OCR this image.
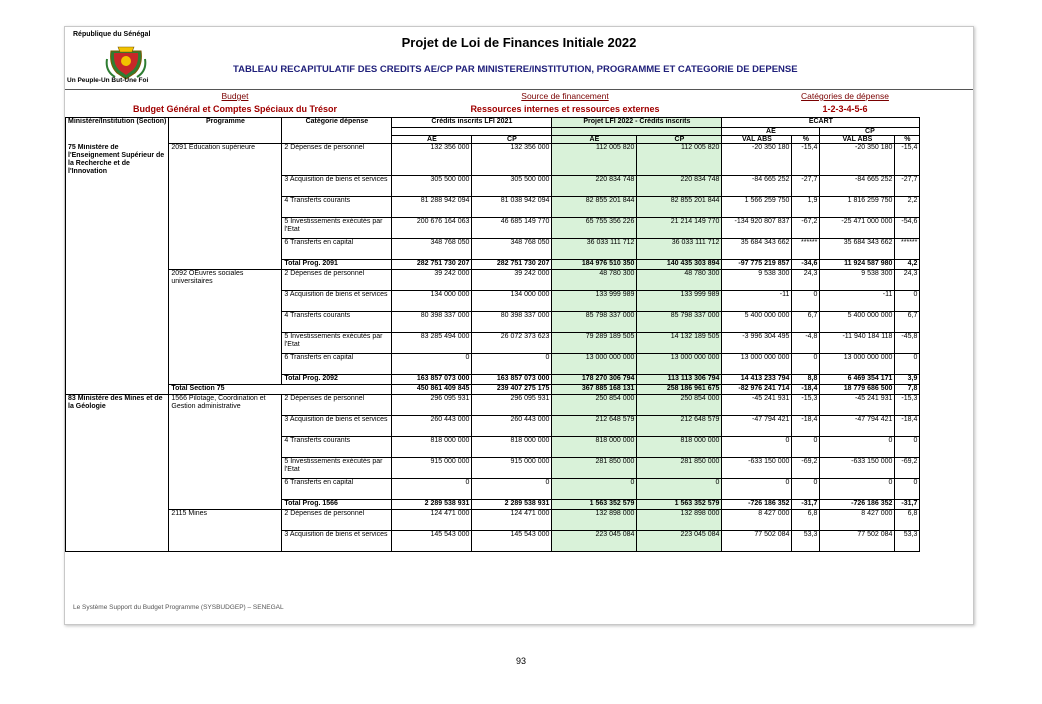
République du Sénégal
Un Peuple-Un But-Une Foi
Projet de Loi de Finances Initiale 2022
TABLEAU RECAPITULATIF DES CREDITS AE/CP PAR MINISTERE/INSTITUTION, PROGRAMME ET CATEGORIE DE DEPENSE
Budget
Budget Général et Comptes Spéciaux du Trésor
Source de financement
Ressources internes et ressources externes
Catégories de dépense
1-2-3-4-5-6
Ministère/Institution (Section)	Programme	Catégorie dépense	Crédits inscrits LFI 2021		Projet LFI 2022 - Crédits inscrits		ECART			
							AE		CP	
			AE	CP	AE	CP	VAL ABS	%	VAL ABS	%
75 Ministère de l'Enseignement Supérieur de la Recherche et de l'Innovation	2091 Education supérieure	2 Dépenses de personnel	132 356 000	132 356 000	112 005 820	112 005 820	-20 350 180	-15,4	-20 350 180	-15,4
		3 Acquisition de biens et services	305 500 000	305 500 000	220 834 748	220 834 748	-84 665 252	-27,7	-84 665 252	-27,7
		4 Transferts courants	81 288 942 094	81 038 942 094	82 855 201 844	82 855 201 844	1 566 259 750	1,9	1 816 259 750	2,2
		5 Investissements exécutés par l'Etat	200 676 164 063	46 685 149 770	65 755 356 226	21 214 149 770	-134 920 807 837	-67,2	-25 471 000 000	-54,6
		6 Transferts en capital	348 768 050	348 768 050	36 033 111 712	36 033 111 712	35 684 343 662	******	35 684 343 662	******
		Total Prog. 2091	282 751 730 207	282 751 730 207	184 976 510 350	140 435 303 894	-97 775 219 857	-34,6	11 924 587 980	4,2
	2092 OEuvres sociales universitaires	2 Dépenses de personnel	39 242 000	39 242 000	48 780 300	48 780 300	9 538 300	24,3	9 538 300	24,3
		3 Acquisition de biens et services	134 000 000	134 000 000	133 999 989	133 999 989	-11	0	-11	0
		4 Transferts courants	80 398 337 000	80 398 337 000	85 798 337 000	85 798 337 000	5 400 000 000	6,7	5 400 000 000	6,7
		5 Investissements exécutés par l'Etat	83 285 494 000	26 072 373 623	79 289 189 505	14 132 189 505	-3 996 304 495	-4,8	-11 940 184 118	-45,8
		6 Transferts en capital	0	0	13 000 000 000	13 000 000 000	13 000 000 000	0	13 000 000 000	0
		Total Prog. 2092	163 857 073 000	163 857 073 000	178 270 306 794	113 113 306 794	14 413 233 794	8,8	6 469 354 171	3,9
	Total Section 75		450 861 409 845	239 407 275 175	367 885 168 131	258 186 961 675	-82 976 241 714	-18,4	18 779 686 500	7,8
83 Ministère des Mines et de la Géologie	1566 Pilotage, Coordination et Gestion administrative	2 Dépenses de personnel	296 095 931	296 095 931	250 854 000	250 854 000	-45 241 931	-15,3	-45 241 931	-15,3
		3 Acquisition de biens et services	260 443 000	260 443 000	212 648 579	212 648 579	-47 794 421	-18,4	-47 794 421	-18,4
		4 Transferts courants	818 000 000	818 000 000	818 000 000	818 000 000	0	0	0	0
		5 Investissements exécutés par l'Etat	915 000 000	915 000 000	281 850 000	281 850 000	-633 150 000	-69,2	-633 150 000	-69,2
		6 Transferts en capital	0	0	0	0	0	0	0	0
		Total Prog. 1566	2 289 538 931	2 289 538 931	1 563 352 579	1 563 352 579	-726 186 352	-31,7	-726 186 352	-31,7
	2115 Mines	2 Dépenses de personnel	124 471 000	124 471 000	132 898 000	132 898 000	8 427 000	6,8	8 427 000	6,8
		3 Acquisition de biens et services	145 543 000	145 543 000	223 045 084	223 045 084	77 502 084	53,3	77 502 084	53,3
Le Système Support du Budget Programme (SYSBUDGEP) – SENEGAL
93
